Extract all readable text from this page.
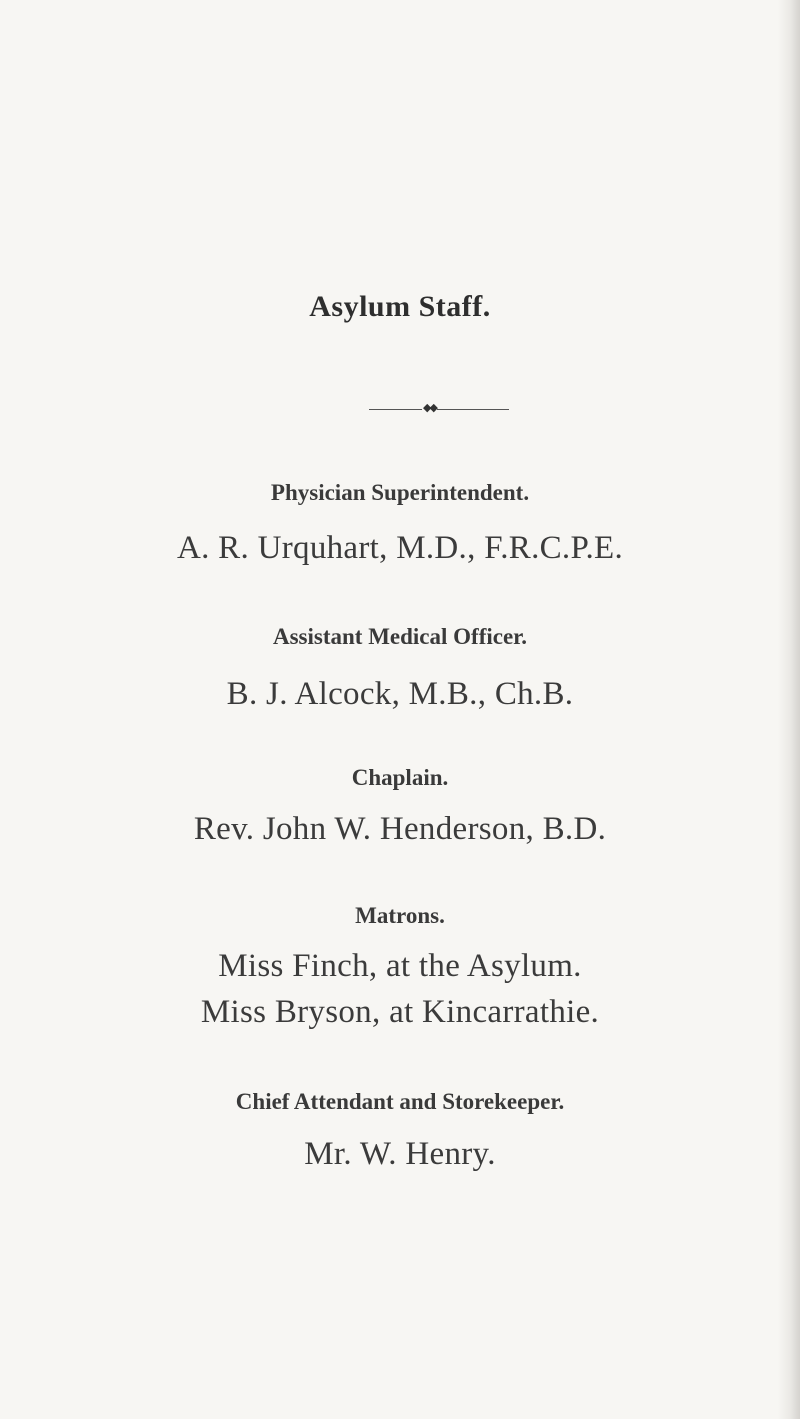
Asylum Staff.
◆◆
Physician Superintendent.
A. R. Urquhart, M.D., F.R.C.P.E.
Assistant Medical Officer.
B. J. Alcock, M.B., Ch.B.
Chaplain.
Rev. John W. Henderson, B.D.
Matrons.
Miss Finch, at the Asylum.
Miss Bryson, at Kincarrathie.
Chief Attendant and Storekeeper.
Mr. W. Henry.
